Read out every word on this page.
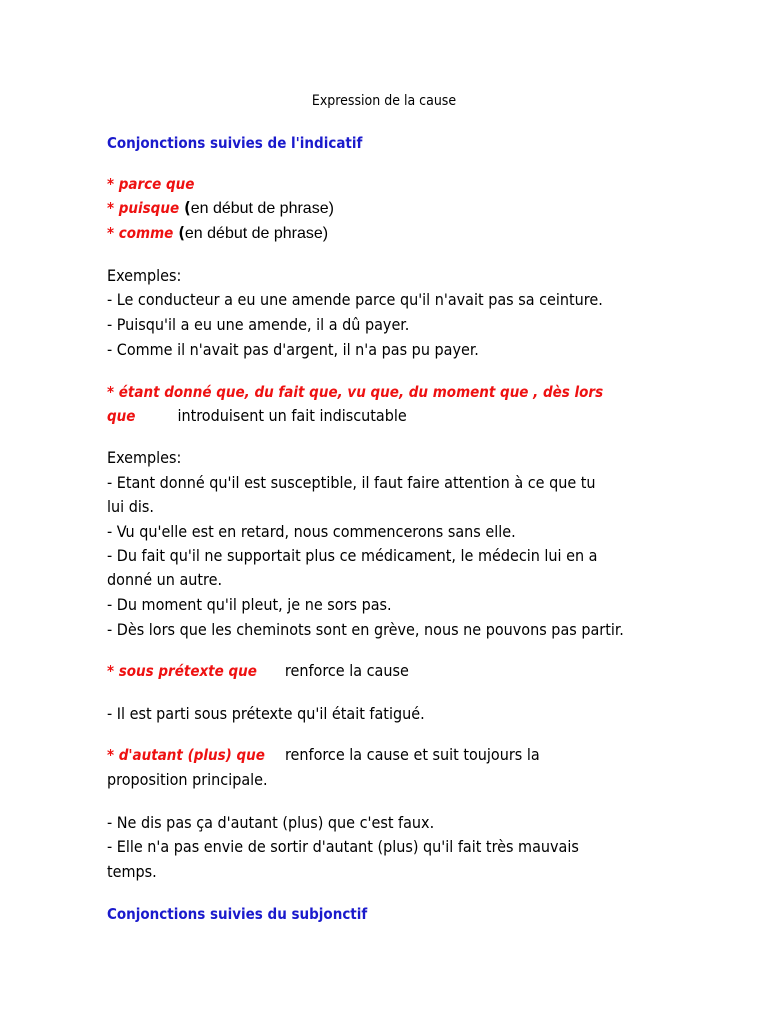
Expression de la cause
Conjonctions suivies de l'indicatif
* parce que
* puisque (en début de phrase)
* comme (en début de phrase)
Exemples:
- Le conducteur a eu une amende parce qu'il n'avait pas sa ceinture.
- Puisqu'il a eu une amende, il a dû payer.
- Comme il n'avait pas d'argent, il n'a pas pu payer.
* étant donné que, du fait que, vu que, du moment que , dès lors
que	introduisent un fait indiscutable
Exemples:
- Etant donné qu'il est susceptible, il faut faire attention à ce que tu
lui dis.
- Vu qu'elle est en retard, nous commencerons sans elle.
- Du fait qu'il ne supportait plus ce médicament, le médecin lui en a
donné un autre.
- Du moment qu'il pleut, je ne sors pas.
- Dès lors que les cheminots sont en grève, nous ne pouvons pas partir.
* sous prétexte que renforce la cause
- Il est parti sous prétexte qu'il était fatigué.
* d'autant (plus) que renforce la cause et suit toujours la
proposition principale.
- Ne dis pas ça d'autant (plus) que c'est faux.
- Elle n'a pas envie de sortir d'autant (plus) qu'il fait très mauvais
temps.
Conjonctions suivies du subjonctif
